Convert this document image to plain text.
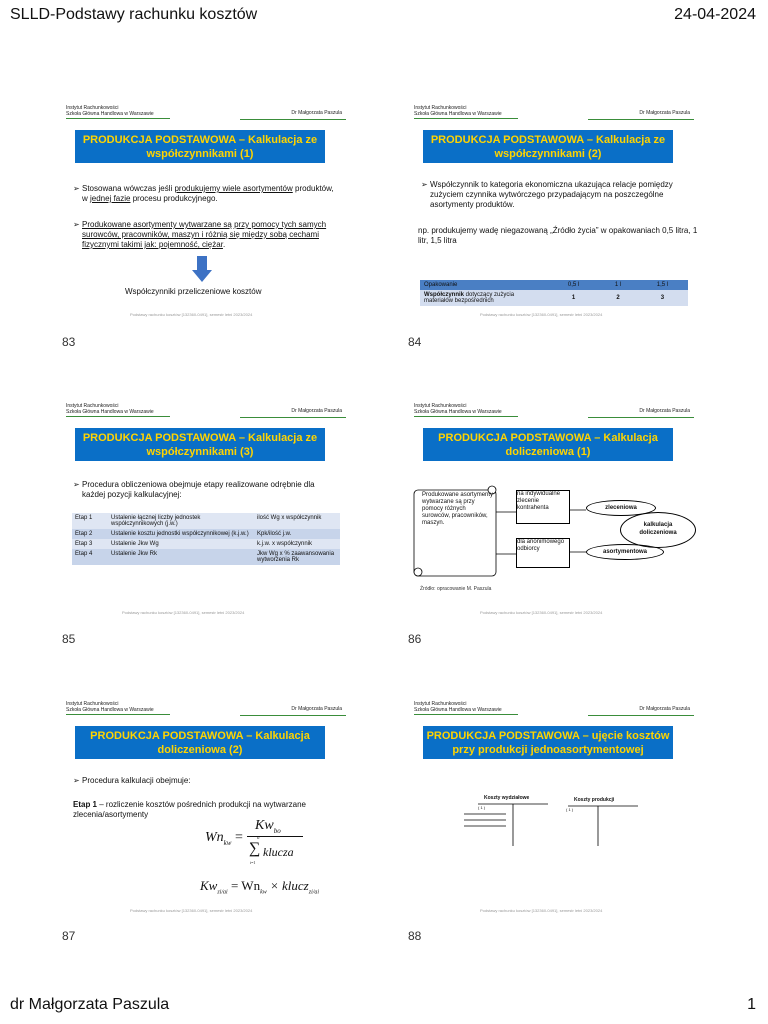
SLLD-Podstawy rachunku kosztów	24-04-2024
Instytut Rachunkowości
Szkoła Główna Handlowa w Warszawie	Dr Małgorzata Paszula
PRODUKCJA PODSTAWOWA – Kalkulacja ze współczynnikami (1)
➢ Stosowana wówczas jeśli produkujemy wiele asortymentów produktów, w jednej fazie procesu produkcyjnego.
➢ Produkowane asortymenty wytwarzane są przy pomocy tych samych surowców, pracowników, maszyn i różnią się między sobą cechami fizycznymi takimi jak: pojemność, ciężar.
Współczynniki przeliczeniowe kosztów
Podstawy rachunku kosztów [132360-0491], semestr letni 2023/2024
83
Instytut Rachunkowości
Szkoła Główna Handlowa w Warszawie	Dr Małgorzata Paszula
PRODUKCJA PODSTAWOWA – Kalkulacja ze współczynnikami (2)
➢ Współczynnik to kategoria ekonomiczna ukazująca relacje pomiędzy zużyciem czynnika wytwórczego przypadającym na poszczególne asortymenty produktów.
np. produkujemy wadę niegazowaną „Źródło życia” w opakowaniach 0,5 litra, 1 litr, 1,5 litra
Opakowanie	0,5 l	1 l	1,5 l
Współczynnik dotyczący zużycia materiałów bezpośrednich	1	2	3
Podstawy rachunku kosztów [132360-0491], semestr letni 2023/2024
84
Instytut Rachunkowości
Szkoła Główna Handlowa w Warszawie	Dr Małgorzata Paszula
PRODUKCJA PODSTAWOWA – Kalkulacja ze współczynnikami (3)
➢ Procedura obliczeniowa obejmuje etapy realizowane odrębnie dla każdej pozycji kalkulacyjnej:
Etap 1	Ustalenie łącznej liczby jednostek współczynnikowych (j.w.)	ilość Wg x współczynnik
Etap 2	Ustalenie kosztu jednostki współczynnikowej (k.j.w.)	Kpk/ilość j.w.
Etap 3	Ustalenie Jkw Wg	k.j.w. x współczynnik
Etap 4	Ustalenie Jkw Rk	Jkw Wg x % zaawansowania wytworzenia Rk
Podstawy rachunku kosztów [132360-0491], semestr letni 2023/2024
85
Instytut Rachunkowości
Szkoła Główna Handlowa w Warszawie	Dr Małgorzata Paszula
PRODUKCJA PODSTAWOWA – Kalkulacja doliczeniowa (1)
Produkowane asortymenty wytwarzane są przy pomocy różnych surowców, pracowników, maszyn.
na indywidualne zlecenie kontrahenta
dla anonimowego odbiorcy
zleceniowa
asortymentowa
kalkulacja
doliczeniowa
Źródło: opracowanie M. Paszula
Podstawy rachunku kosztów [132360-0491], semestr letni 2023/2024
86
Instytut Rachunkowości
Szkoła Główna Handlowa w Warszawie	Dr Małgorzata Paszula
PRODUKCJA PODSTAWOWA – Kalkulacja doliczeniowa (2)
➢ Procedura kalkulacji obejmuje:
Etap 1 – rozliczenie kosztów pośrednich produkcji na wytwarzane zlecenia/asortymenty
$Wn_{kw}$ =
$Kw_{bo}$
n
∑ klucza
i=1
$Kw_{zi/ai} = Wn_{kw}$ × klucz$_{zi/ai}$
Podstawy rachunku kosztów [132360-0491], semestr letni 2023/2024
87
Instytut Rachunkowości
Szkoła Główna Handlowa w Warszawie	Dr Małgorzata Paszula
PRODUKCJA PODSTAWOWA – ujęcie kosztów przy produkcji jednoasortymentowej
Koszty wydziałowe	Koszty produkcji
( 1 )	( 1 )
Podstawy rachunku kosztów [132360-0491], semestr letni 2023/2024
88
dr Małgorzata Paszula	1
